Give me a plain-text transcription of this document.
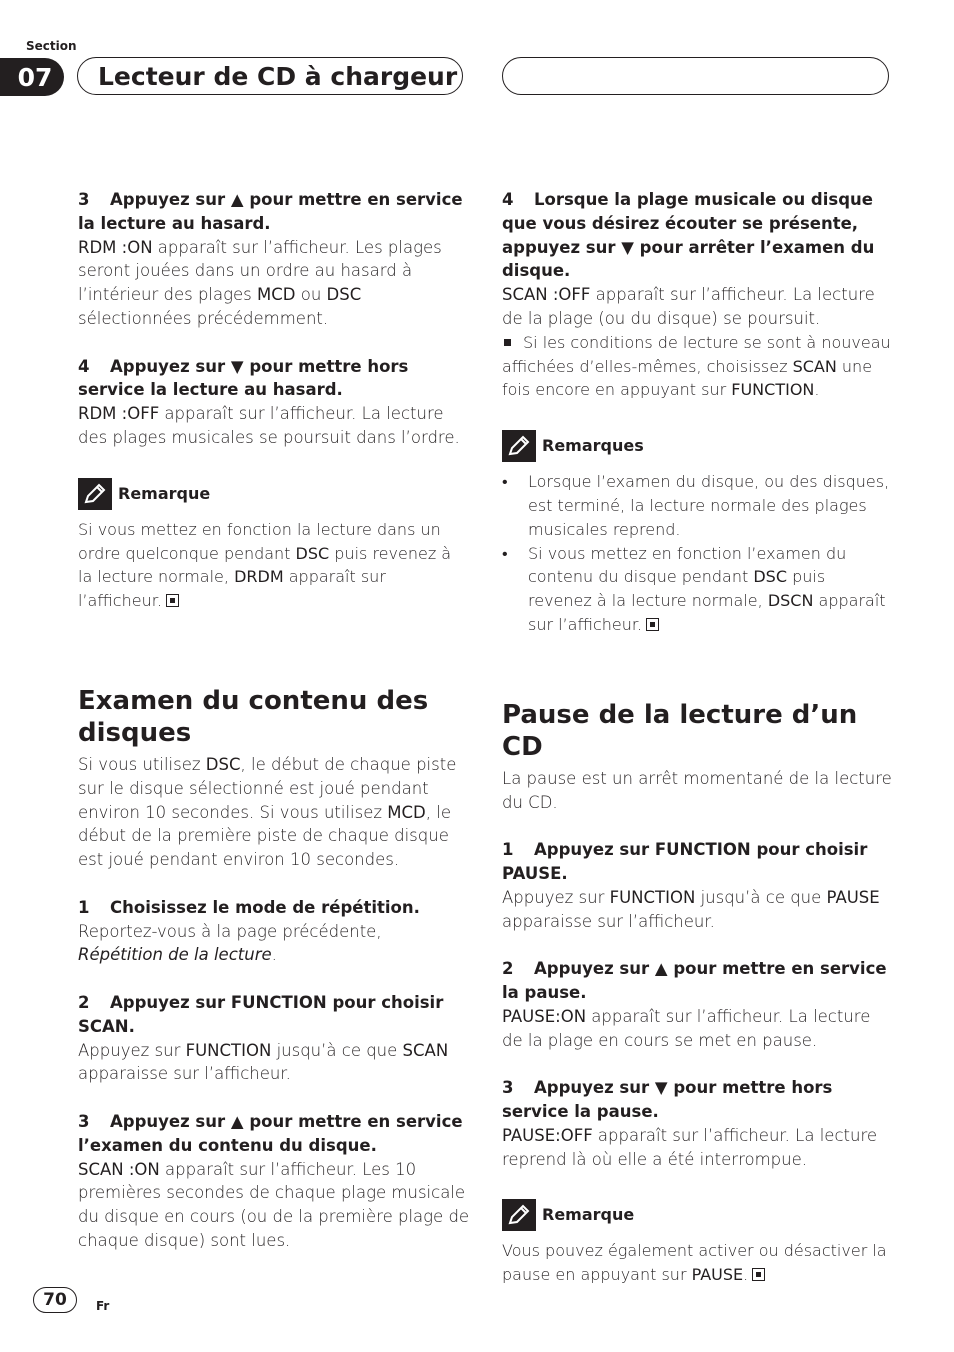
Section
07	Lecteur de CD à chargeur

3 Appuyez sur ▲ pour mettre en service la lecture au hasard.

RDM :ON apparaît sur l’afficheur. Les plages seront jouées dans un ordre au hasard à l’intérieur des plages MCD ou DSC sélectionnées précédemment.

4 Appuyez sur ▼ pour mettre hors service la lecture au hasard.

RDM :OFF apparaît sur l’afficheur. La lecture des plages musicales se poursuit dans l’ordre.

Remarque

Si vous mettez en fonction la lecture dans un ordre quelconque pendant DSC puis revenez à la lecture normale, DRDM apparaît sur l’afficheur.

Examen du contenu des disques

Si vous utilisez DSC, le début de chaque piste sur le disque sélectionné est joué pendant environ 10 secondes. Si vous utilisez MCD, le début de la première piste de chaque disque est joué pendant environ 10 secondes.

1 Choisissez le mode de répétition.

Reportez-vous à la page précédente, Répétition de la lecture.

2 Appuyez sur FUNCTION pour choisir SCAN.

Appuyez sur FUNCTION jusqu’à ce que SCAN apparaisse sur l’afficheur.

3 Appuyez sur ▲ pour mettre en service l’examen du contenu du disque.

SCAN :ON apparaît sur l’afficheur. Les 10 premières secondes de chaque plage musicale du disque en cours (ou de la première plage de chaque disque) sont lues.

4 Lorsque la plage musicale ou disque que vous désirez écouter se présente, appuyez sur ▼ pour arrêter l’examen du disque.

SCAN :OFF apparaît sur l’afficheur. La lecture de la plage (ou du disque) se poursuit.

Si les conditions de lecture se sont à nouveau affichées d’elles-mêmes, choisissez SCAN une fois encore en appuyant sur FUNCTION.

Remarques
•	Lorsque l’examen du disque, ou des disques, est terminé, la lecture normale des plages musicales reprend.
•	Si vous mettez en fonction l’examen du contenu du disque pendant DSC puis revenez à la lecture normale, DSCN apparaît sur l’afficheur.
Pause de la lecture d’un CD

La pause est un arrêt momentané de la lecture du CD.

1 Appuyez sur FUNCTION pour choisir PAUSE.

Appuyez sur FUNCTION jusqu’à ce que PAUSE apparaisse sur l’afficheur.

2 Appuyez sur ▲ pour mettre en service la pause.

PAUSE:ON apparaît sur l’afficheur. La lecture de la plage en cours se met en pause.

3 Appuyez sur ▼ pour mettre hors service la pause.

PAUSE:OFF apparaît sur l’afficheur. La lecture reprend là où elle a été interrompue.

Remarque

Vous pouvez également activer ou désactiver la pause en appuyant sur PAUSE.

70	Fr
